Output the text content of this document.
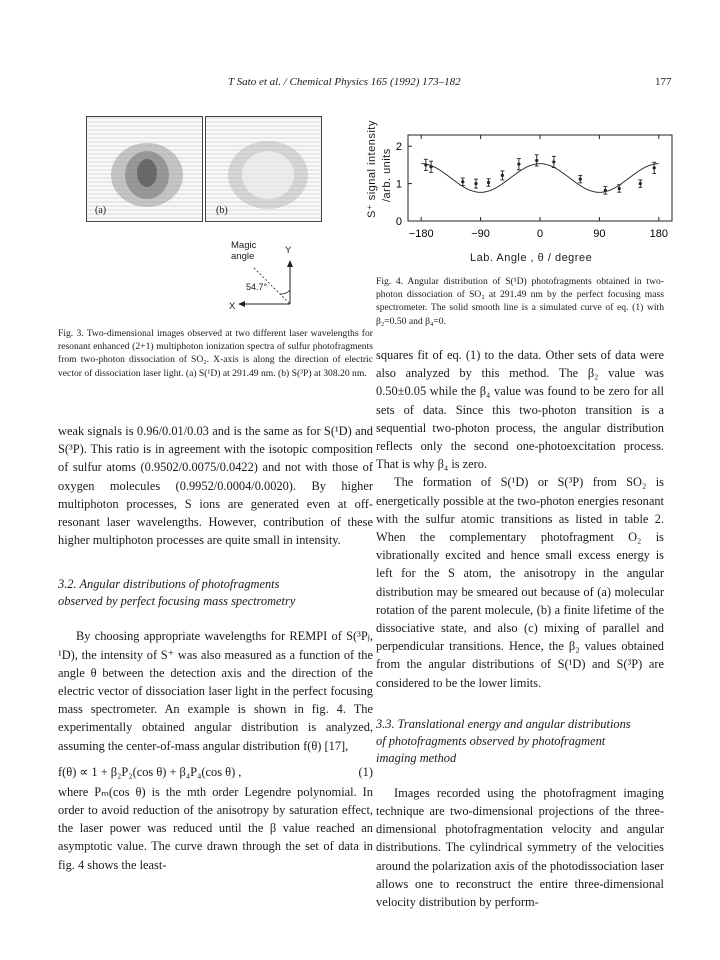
T Sato et al. / Chemical Physics 165 (1992) 173–182	177
(a)	(b)
Magic
angle
Y
X
54.7°
Fig. 3. Two-dimensional images observed at two different laser wavelengths for resonant enhanced (2+1) multiphoton ionization spectra of sulfur photofragments from two-photon dissociation of SO₂. X-axis is along the direction of electric vector of dissociation laser light. (a) S(¹D) at 291.49 nm. (b) S(³P) at 308.20 nm.
−180	−90	0	90	180
0
1
2
S⁺ signal intensity /arb. units
Lab. Angle , θ / degree
Fig. 4. Angular distribution of S(¹D) photofragments obtained in two-photon dissociation of SO₂ at 291.49 nm by the perfect focusing mass spectrometer. The solid smooth line is a simulated curve of eq. (1) with β₂=0.50 and β₄=0.

weak signals is 0.96/0.01/0.03 and is the same as for S(¹D) and S(³P). This ratio is in agreement with the isotopic composition of sulfur atoms (0.9502/0.0075/0.0422) and not with those of oxygen molecules (0.9952/0.0004/0.0020). By higher multiphoton processes, S ions are generated even at off-resonant laser wavelengths. However, contribution of these higher multiphoton processes are quite small in intensity.

3.2. Angular distributions of photofragments
observed by perfect focusing mass spectrometry

By choosing appropriate wavelengths for REMPI of S(³Pⱼ, ¹D), the intensity of S⁺ was also measured as a function of the angle θ between the detection axis and the direction of the electric vector of dissociation laser light in the perfect focusing mass spectrometer. An example is shown in fig. 4. The experimentally obtained angular distribution is analyzed, assuming the center-of-mass angular distribution f(θ) [17],

f(θ) ∝ 1 + β₂P₂(cos θ) + β₄P₄(cos θ) ,	(1)

where Pₘ(cos θ) is the mth order Legendre polynomial. In order to avoid reduction of the anisotropy by saturation effect, the laser power was reduced until the β value reached an asymptotic value. The curve drawn through the set of data in fig. 4 shows the least-

squares fit of eq. (1) to the data. Other sets of data were also analyzed by this method. The β₂ value was 0.50±0.05 while the β₄ value was found to be zero for all sets of data. Since this two-photon transition is a sequential two-photon process, the angular distribution reflects only the second one-photoexcitation process. That is why β₄ is zero.

The formation of S(¹D) or S(³P) from SO₂ is energetically possible at the two-photon energies resonant with the sulfur atomic transitions as listed in table 2. When the complementary photofragment O₂ is vibrationally excited and hence small excess energy is left for the S atom, the anisotropy in the angular distribution may be smeared out because of (a) molecular rotation of the parent molecule, (b) a finite lifetime of the dissociative state, and also (c) mixing of parallel and perpendicular transitions. Hence, the β₂ values obtained from the angular distributions of S(¹D) and S(³P) are considered to be the lower limits.

3.3. Translational energy and angular distributions
of photofragments observed by photofragment
imaging method

Images recorded using the photofragment imaging technique are two-dimensional projections of the three-dimensional photofragmentation velocity and angular distributions. The cylindrical symmetry of the velocities around the polarization axis of the photodissociation laser allows one to reconstruct the entire three-dimensional velocity distribution by perform-
